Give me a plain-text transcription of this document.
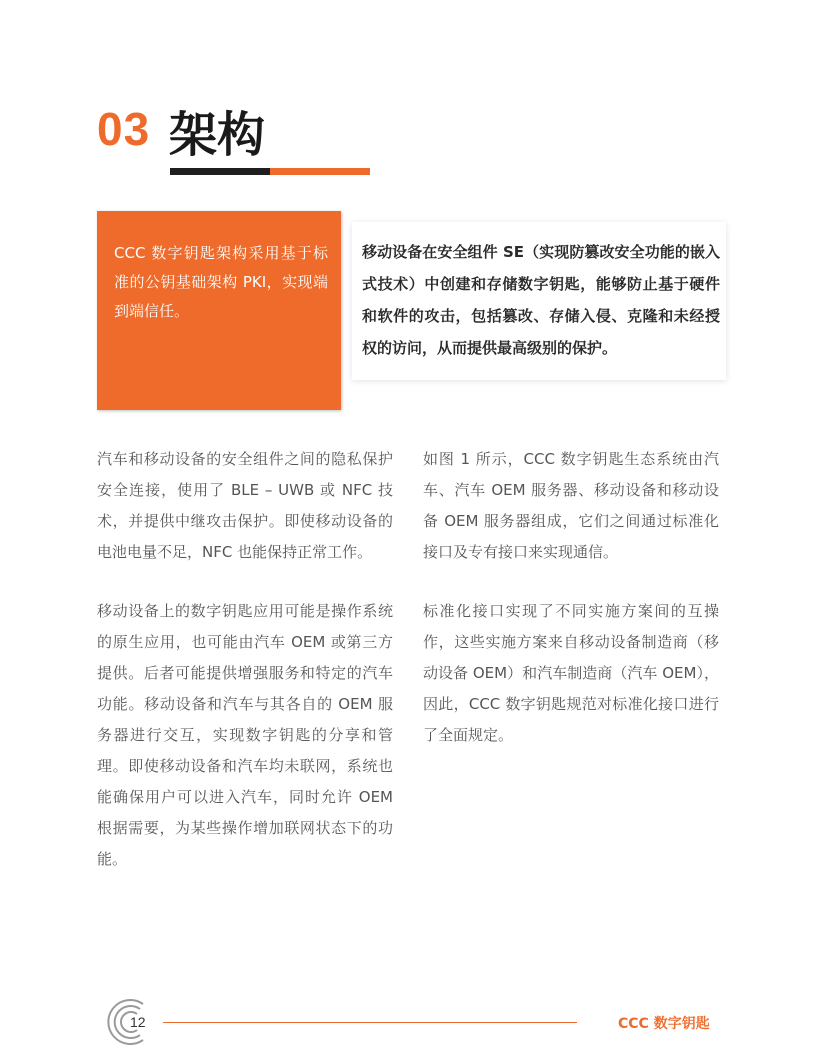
03 架构

CCC 数字钥匙架构采用基于标准的公钥基础架构 PKI，实现端到端信任。

移动设备在安全组件 SE（实现防篡改安全功能的嵌入式技术）中创建和存储数字钥匙，能够防止基于硬件和软件的攻击，包括篡改、存储入侵、克隆和未经授权的访问，从而提供最高级别的保护。

汽车和移动设备的安全组件之间的隐私保护安全连接，使用了 BLE – UWB 或 NFC 技术，并提供中继攻击保护。即使移动设备的电池电量不足，NFC 也能保持正常工作。

移动设备上的数字钥匙应用可能是操作系统的原生应用，也可能由汽车 OEM 或第三方提供。后者可能提供增强服务和特定的汽车功能。移动设备和汽车与其各自的 OEM 服务器进行交互，实现数字钥匙的分享和管理。即使移动设备和汽车均未联网，系统也能确保用户可以进入汽车，同时允许 OEM 根据需要，为某些操作增加联网状态下的功能。

如图 1 所示，CCC 数字钥匙生态系统由汽车、汽车 OEM 服务器、移动设备和移动设备 OEM 服务器组成，它们之间通过标准化接口及专有接口来实现通信。

标准化接口实现了不同实施方案间的互操作，这些实施方案来自移动设备制造商（移动设备 OEM）和汽车制造商（汽车 OEM），因此，CCC 数字钥匙规范对标准化接口进行了全面规定。

12	CCC 数字钥匙
